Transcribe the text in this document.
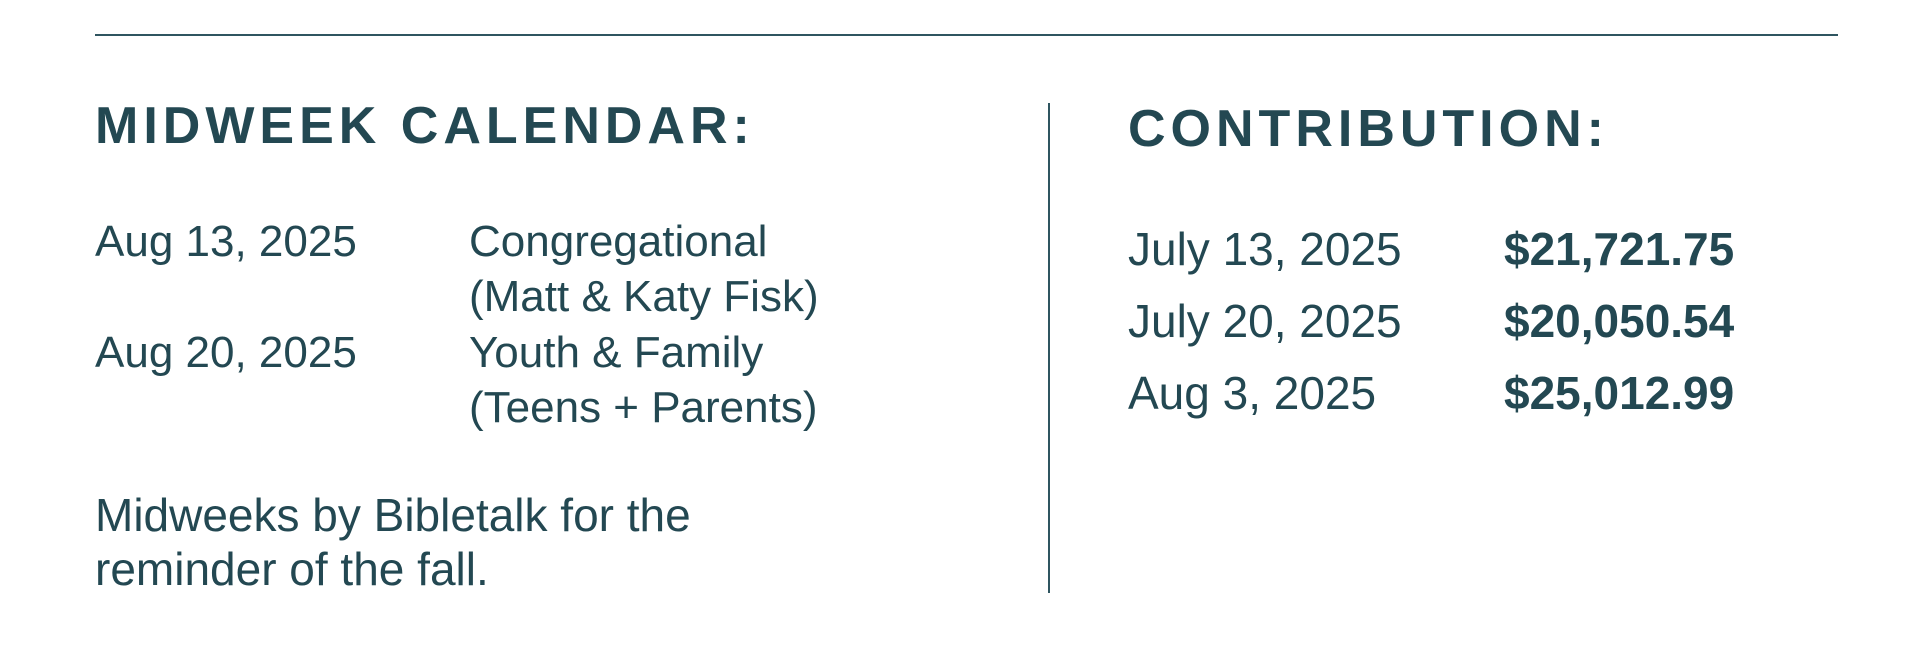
MIDWEEK CALENDAR:
Aug 13, 2025	Congregational
(Matt & Katy Fisk)
Aug 20, 2025	Youth & Family
(Teens + Parents)
Midweeks by Bibletalk for the reminder of the fall.
CONTRIBUTION:
July 13, 2025	$21,721.75
July 20, 2025	$20,050.54
Aug 3, 2025	$25,012.99
